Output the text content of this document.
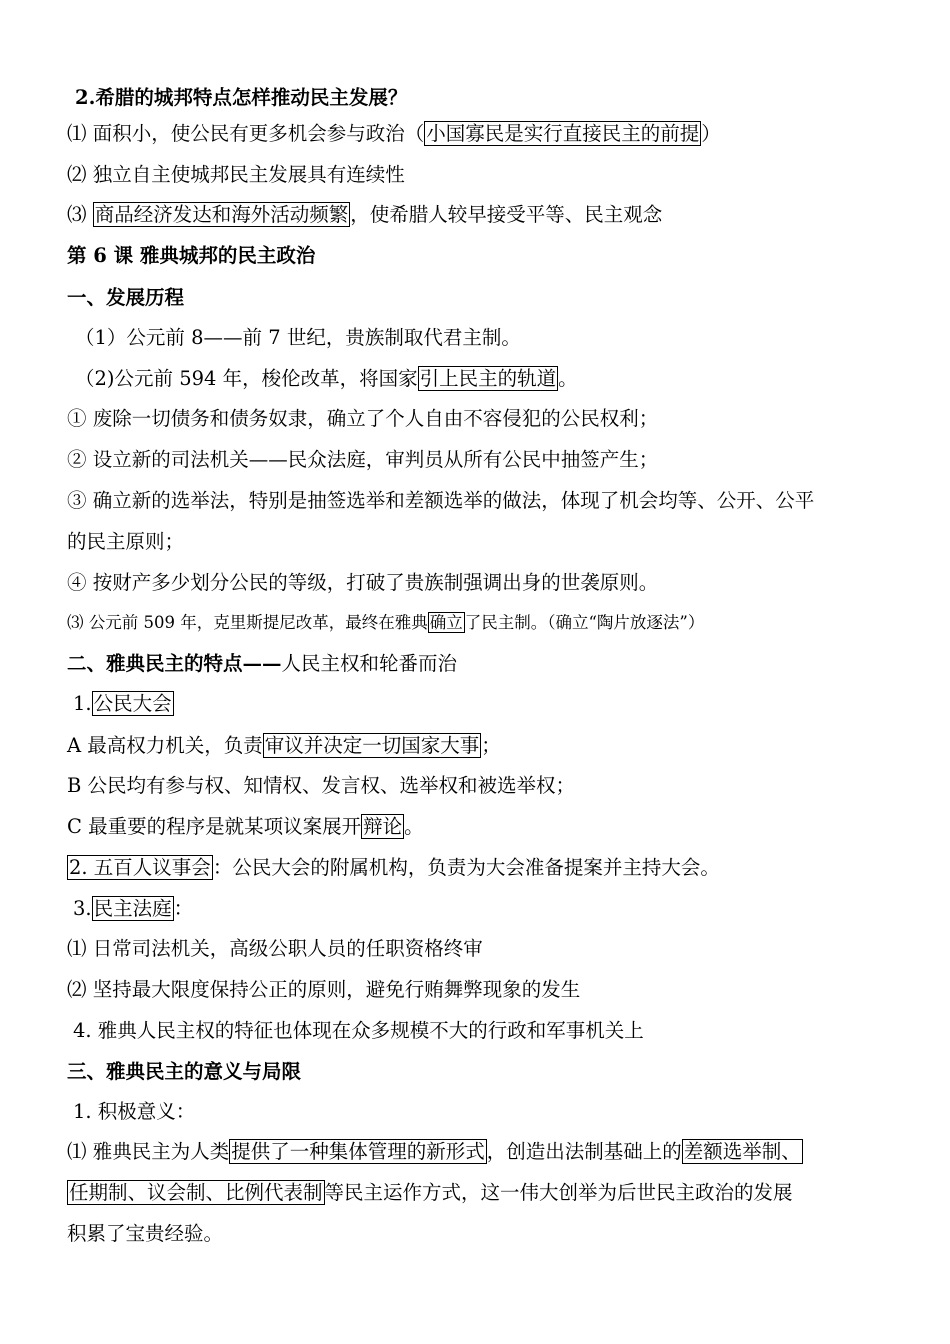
2.希腊的城邦特点怎样推动民主发展？
⑴ 面积小，使公民有更多机会参与政治（ 小国寡民是实行直接民主的前提 ）
⑵ 独立自主使城邦民主发展具有连续性
⑶ 商品经济发达和海外活动频繁 ，使希腊人较早接受平等、民主观念
第 6 课 雅典城邦的民主政治
一、发展历程
（1）公元前 8——前 7 世纪，贵族制取代君主制。
（2)公元前 594 年，梭伦改革，将国家 引上民主的轨道 。
① 废除一切债务和债务奴隶，确立了个人自由不容侵犯的公民权利；
② 设立新的司法机关——民众法庭，审判员从所有公民中抽签产生；
③ 确立新的选举法，特别是抽签选举和差额选举的做法，体现了机会均等、公开、公平
的民主原则；
④ 按财产多少划分公民的等级，打破了贵族制强调出身的世袭原则。
⑶ 公元前 509 年，克里斯提尼改革，最终在雅典 确立 了民主制。（确立“陶片放逐法”）
二、雅典民主的特点——人民主权和轮番而治
1. 公民大会
A 最高权力机关，负责 审议并决定一切国家大事 ；
B 公民均有参与权、知情权、发言权、选举权和被选举权；
C 最重要的程序是就某项议案展开 辩论 。
2. 五百人议事会 ：公民大会的附属机构，负责为大会准备提案并主持大会。
3. 民主法庭 ：
⑴ 日常司法机关，高级公职人员的任职资格终审
⑵ 坚持最大限度保持公正的原则，避免行贿舞弊现象的发生
4. 雅典人民主权的特征也体现在众多规模不大的行政和军事机关上
三、雅典民主的意义与局限
1. 积极意义：
⑴ 雅典民主为人类 提供了一种集体管理的新形式 ，创造出法制基础上的 差额选举制、
任期制、议会制、比例代表制 等民主运作方式，这一伟大创举为后世民主政治的发展
积累了宝贵经验。
